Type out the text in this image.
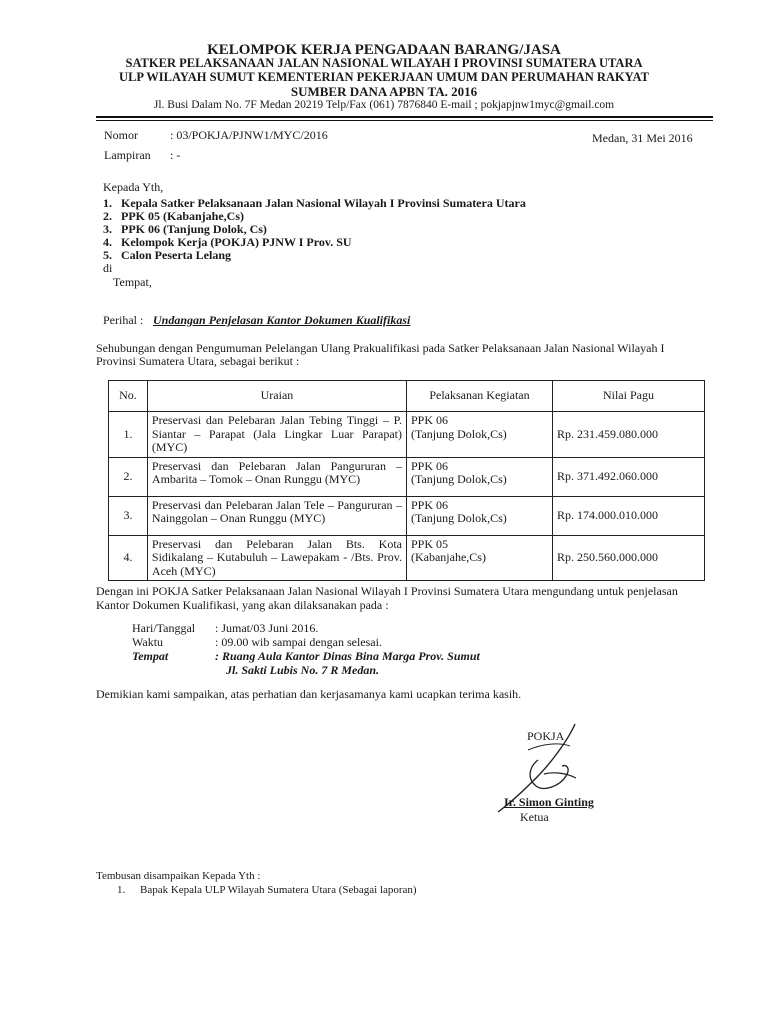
KELOMPOK KERJA PENGADAAN BARANG/JASA
SATKER PELAKSANAAN JALAN NASIONAL WILAYAH I PROVINSI SUMATERA UTARA
ULP WILAYAH SUMUT KEMENTERIAN PEKERJAAN UMUM DAN PERUMAHAN RAKYAT
SUMBER DANA APBN TA. 2016
Jl. Busi Dalam No. 7F Medan 20219 Telp/Fax (061) 7876840 E-mail ; pokjapjnw1myc@gmail.com
Nomor	: 03/POKJA/PJNW1/MYC/2016	Medan, 31 Mei 2016
Lampiran : -
Kepada Yth,
1. Kepala Satker Pelaksanaan Jalan Nasional Wilayah I Provinsi Sumatera Utara
2. PPK 05 (Kabanjahe,Cs)
3. PPK 06 (Tanjung Dolok, Cs)
4. Kelompok Kerja (POKJA) PJNW I Prov. SU
5. Calon Peserta Lelang
di
Tempat,
Perihal : Undangan Penjelasan Kantor Dokumen Kualifikasi
Sehubungan dengan Pengumuman Pelelangan Ulang Prakualifikasi pada Satker Pelaksanaan Jalan Nasional Wilayah I
Provinsi Sumatera Utara, sebagai berikut :
No.	Uraian	Pelaksanan Kegiatan	Nilai Pagu
1.	Preservasi dan Pelebaran Jalan Tebing Tinggi – P. Siantar – Parapat (Jala Lingkar Luar Parapat) (MYC)	PPK 06
(Tanjung Dolok,Cs)	Rp. 231.459.080.000
2.	Preservasi dan Pelebaran Jalan Pangururan – Ambarita – Tomok – Onan Runggu (MYC)	PPK 06
(Tanjung Dolok,Cs)	Rp. 371.492.060.000
3.	Preservasi dan Pelebaran Jalan Tele – Pangururan – Nainggolan – Onan Runggu (MYC)	PPK 06
(Tanjung Dolok,Cs)	Rp. 174.000.010.000
4.	Preservasi dan Pelebaran Jalan Bts. Kota Sidikalang – Kutabuluh – Lawepakam - /Bts. Prov. Aceh (MYC)	PPK 05
(Kabanjahe,Cs)	Rp. 250.560.000.000
Dengan ini POKJA Satker Pelaksanaan Jalan Nasional Wilayah I Provinsi Sumatera Utara mengundang untuk penjelasan
Kantor Dokumen Kualifikasi, yang akan dilaksanakan pada :
Hari/Tanggal : Jumat/03 Juni 2016.
Waktu	: 09.00 wib sampai dengan selesai.
Tempat	: Ruang Aula Kantor Dinas Bina Marga Prov. Sumut
Jl. Sakti Lubis No. 7 R Medan.
Demikian kami sampaikan, atas perhatian dan kerjasamanya kami ucapkan terima kasih.
POKJA
Ir. Simon Ginting
Ketua
Tembusan disampaikan Kepada Yth :
1. Bapak Kepala ULP Wilayah Sumatera Utara (Sebagai laporan)
